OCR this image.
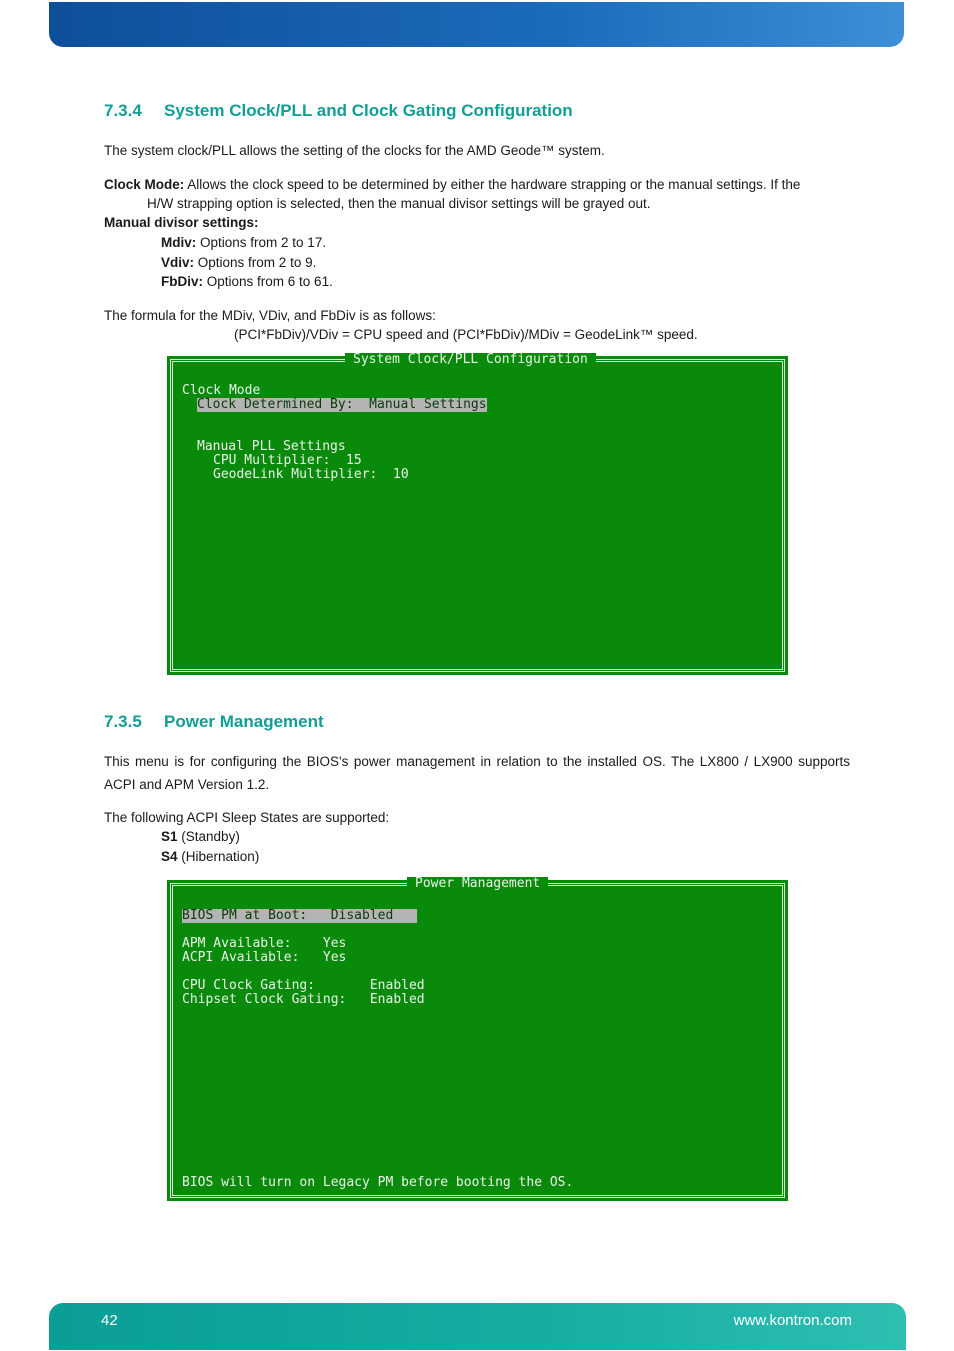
7.3.4 System Clock/PLL and Clock Gating Configuration
The system clock/PLL allows the setting of the clocks for the AMD Geode™ system.
Clock Mode: Allows the clock speed to be determined by either the hardware strapping or the manual settings. If the
H/W strapping option is selected, then the manual divisor settings will be grayed out.
Manual divisor settings:
Mdiv: Options from 2 to 17.
Vdiv: Options from 2 to 9.
FbDiv: Options from 6 to 61.
The formula for the MDiv, VDiv, and FbDiv is as follows:
(PCI*FbDiv)/VDiv = CPU speed and (PCI*FbDiv)/MDiv = GeodeLink™ speed.
System Clock/PLL Configuration
Clock Mode
Clock Determined By:  Manual Settings
Manual PLL Settings
CPU Multiplier:  15
GeodeLink Multiplier:  10
7.3.5 Power Management
This menu is for configuring the BIOS's power management in relation to the installed OS. The LX800 / LX900 supports ACPI and APM Version 1.2.
The following ACPI Sleep States are supported:
S1 (Standby)
S4 (Hibernation)
Power Management
BIOS PM at Boot:   Disabled
APM Available:    Yes
ACPI Available:   Yes
CPU Clock Gating:       Enabled
Chipset Clock Gating:   Enabled
BIOS will turn on Legacy PM before booting the OS.
42	www.kontron.com
